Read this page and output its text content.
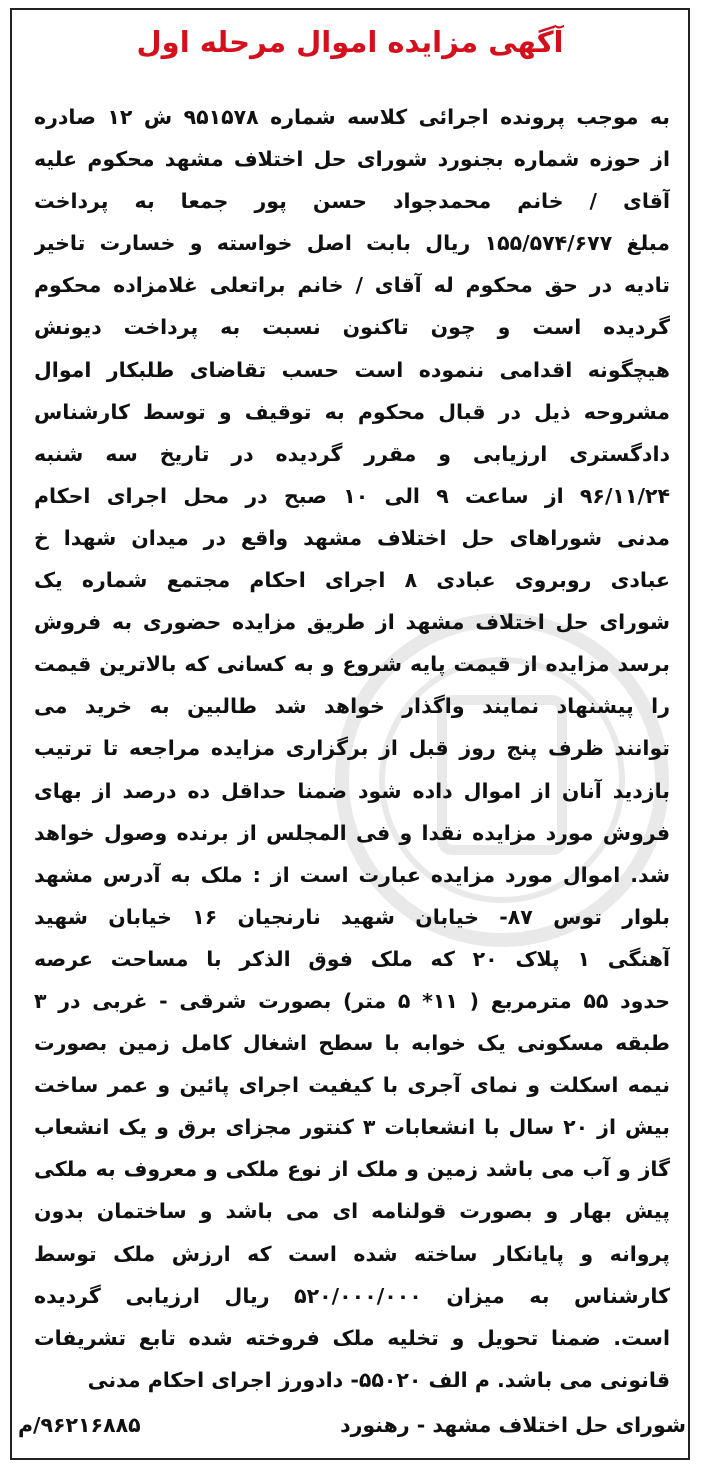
آگهی مزایده اموال مرحله اول
به موجب پرونده اجرائی کلاسه شماره ۹۵۱۵۷۸ ش ۱۲ صادره
از حوزه شماره بجنورد شورای حل اختلاف مشهد محکوم علیه
آقای / خانم محمدجواد حسن پور جمعا به پرداخت
مبلغ ۱۵۵/۵۷۴/۶۷۷ ریال بابت اصل خواسته و خسارت تاخیر
تادیه در حق محکوم له آقای / خانم براتعلی غلامزاده محکوم
گردیده است و چون تاکنون نسبت به پرداخت دیونش
هیچگونه اقدامی ننموده است حسب تقاضای طلبکار اموال
مشروحه ذیل در قبال محکوم به توقیف و توسط کارشناس
دادگستری ارزیابی و مقرر گردیده در تاریخ سه شنبه
۹۶/۱۱/۲۴ از ساعت ۹ الی ۱۰ صبح در محل اجرای احکام
مدنی شوراهای حل اختلاف مشهد واقع در میدان شهدا خ
عبادی روبروی عبادی ۸ اجرای احکام مجتمع شماره یک
شورای حل اختلاف مشهد از طریق مزایده حضوری به فروش
برسد مزایده از قیمت پایه شروع و به کسانی که بالاترین قیمت
را پیشنهاد نمایند واگذار خواهد شد طالبین به خرید می
توانند ظرف پنج روز قبل از برگزاری مزایده مراجعه تا ترتیب
بازدید آنان از اموال داده شود ضمنا حداقل ده درصد از بهای
فروش مورد مزایده نقدا و فی المجلس از برنده وصول خواهد
شد. اموال مورد مزایده عبارت است از : ملک به آدرس مشهد
بلوار توس ۸۷- خیابان شهید نارنجیان ۱۶ خیابان شهید
آهنگی ۱ پلاک ۲۰ که ملک فوق الذکر با مساحت عرصه
حدود ۵۵ مترمربع ( ۱۱* ۵ متر) بصورت شرقی - غربی در ۳
طبقه مسکونی یک خوابه با سطح اشغال کامل زمین بصورت
نیمه اسکلت و نمای آجری با کیفیت اجرای پائین و عمر ساخت
بیش از ۲۰ سال با انشعابات ۳ کنتور مجزای برق و یک انشعاب
گاز و آب می باشد زمین و ملک از نوع ملکی و معروف به ملکی
پیش بهار و بصورت قولنامه ای می باشد و ساختمان بدون
پروانه و پایانکار ساخته شده است که ارزش ملک توسط
کارشناس به میزان ۵۲۰/۰۰۰/۰۰۰ ریال ارزیابی گردیده
است. ضمنا تحویل و تخلیه ملک فروخته شده تابع تشریفات
قانونی می باشد. م الف ۵۵۰۲۰- دادورز اجرای احکام مدنی
شورای حل اختلاف مشهد - رهنورد
۹۶۲۱۶۸۸۵/م
